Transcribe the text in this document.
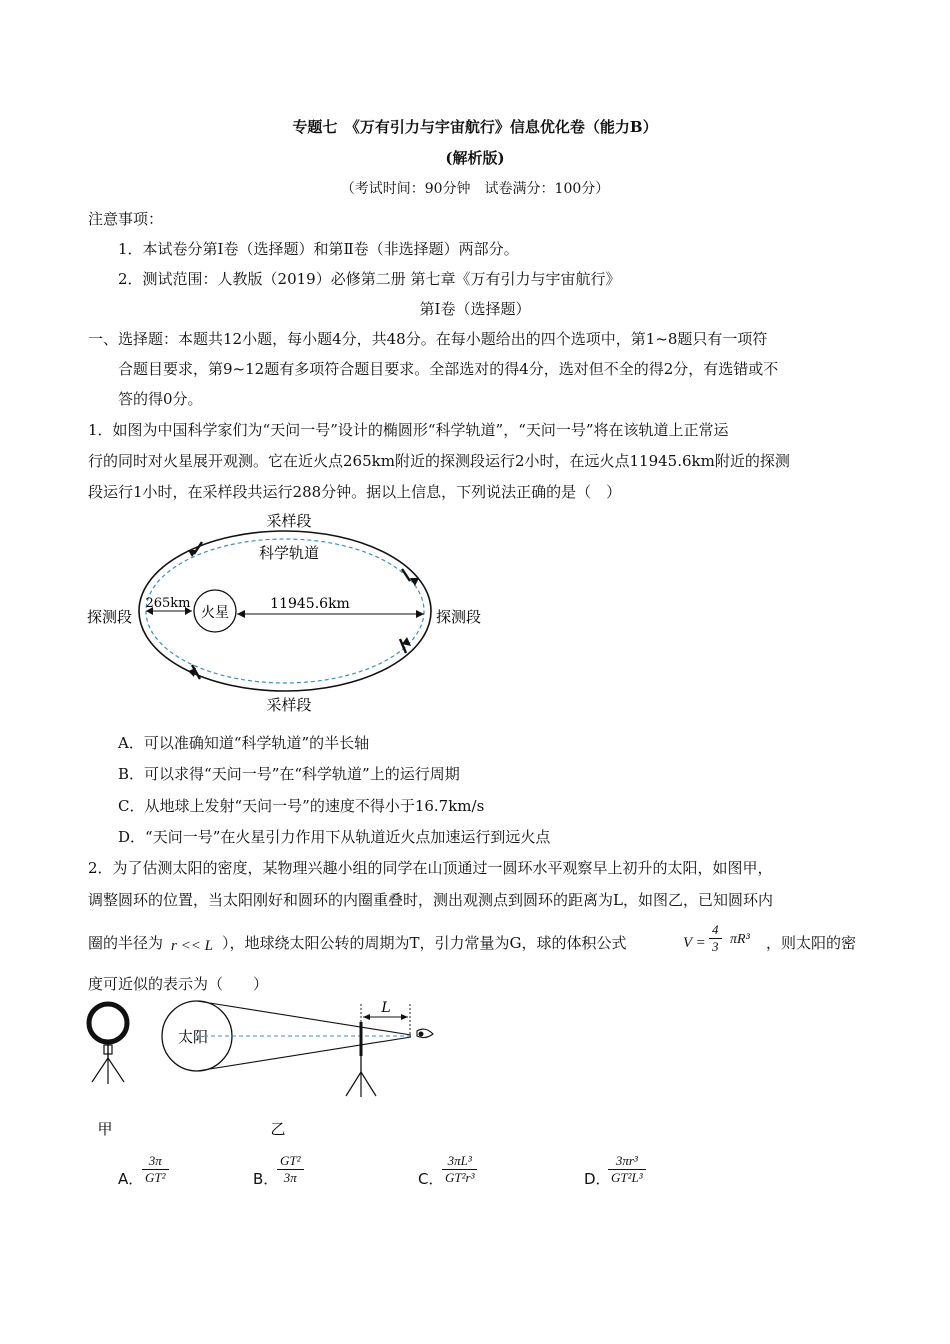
专题七　《万有引力与宇宙航行》信息优化卷（能力B）
(解析版)
（考试时间：90分钟　试卷满分：100分）
注意事项：
1．本试卷分第Ⅰ卷（选择题）和第Ⅱ卷（非选择题）两部分。
2．测试范围：人教版（2019）必修第二册 第七章《万有引力与宇宙航行》
第Ⅰ卷（选择题）
一、选择题：本题共12小题，每小题4分，共48分。在每小题给出的四个选项中，第1~8题只有一项符
合题目要求，第9~12题有多项符合题目要求。全部选对的得4分，选对但不全的得2分，有选错或不
答的得0分。
1．如图为中国科学家们为“天问一号”设计的椭圆形“科学轨道”，“天问一号”将在该轨道上正常运
行的同时对火星展开观测。它在近火点265km附近的探测段运行2小时，在远火点11945.6km附近的探测
段运行1小时，在采样段共运行288分钟。据以上信息，下列说法正确的是（　）
火星
265km	11945.6km
采样段
科学轨道
探测段	探测段
采样段
A．可以准确知道“科学轨道”的半长轴
B．可以求得“天问一号”在“科学轨道”上的运行周期
C．从地球上发射“天问一号”的速度不得小于16.7km/s
D．“天问一号”在火星引力作用下从轨道近火点加速运行到远火点
2．为了估测太阳的密度，某物理兴趣小组的同学在山顶通过一圆环水平观察早上初升的太阳，如图甲，
调整圆环的位置，当太阳刚好和圆环的内圈重叠时，测出观测点到圆环的距离为L，如图乙，已知圆环内
圈的半径为 r << L ），地球绕太阳公转的周期为T，引力常量为G，球的体积公式	$V = \frac{4}{3} \pi R^3$ ，则太阳的密
度可近似的表示为（　　）
甲
太阳
L
乙
A．
$\frac{3\pi}{\text{GT²}}$	B．
$\frac{\text{GT²}}{3\pi}$	C．
$\frac{\text{3πL³}}{\text{GT²r³}}$	D．
$\frac{\text{3πr³}}{\text{GT²L³}}$
